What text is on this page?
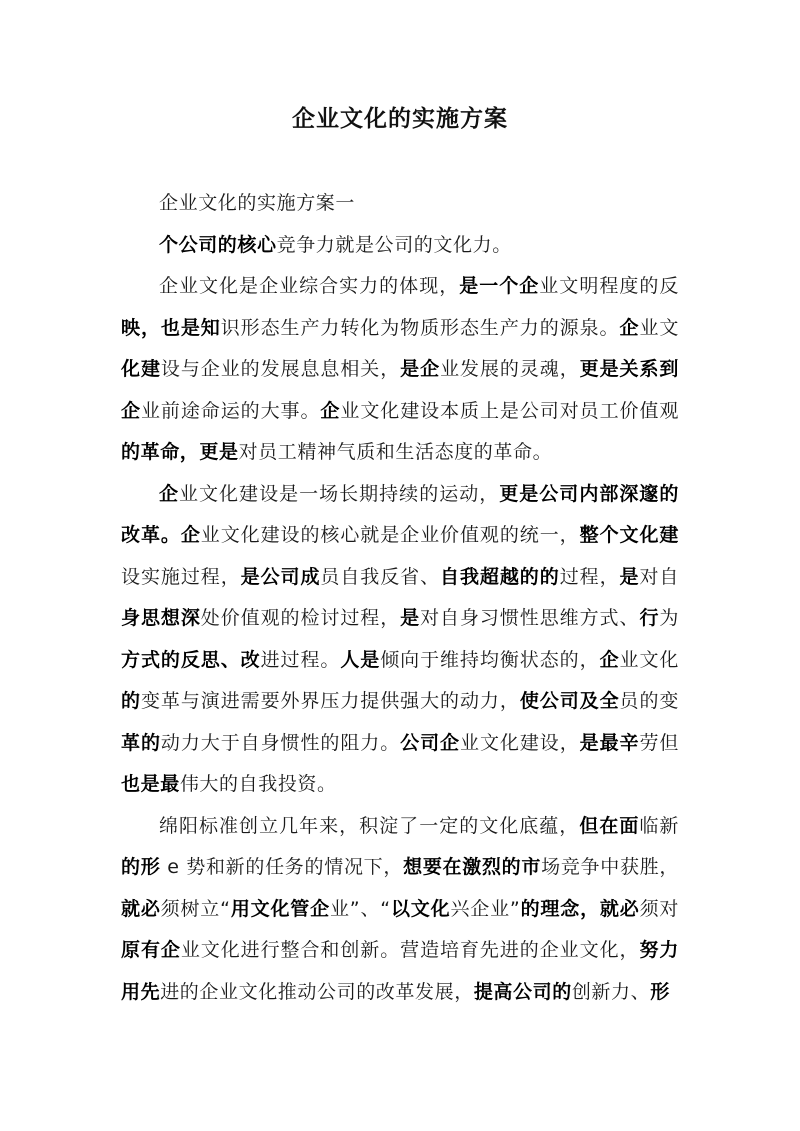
企业文化的实施方案

企业文化的实施方案一

个公司的核心竞争力就是公司的文化力。

企业文化是企业综合实力的体现，是一个企业文明程度的反映，也是知识形态生产力转化为物质形态生产力的源泉。企业文化建设与企业的发展息息相关，是企业发展的灵魂，更是关系到企业前途命运的大事。企业文化建设本质上是公司对员工价值观的革命，更是对员工精神气质和生活态度的革命。

企业文化建设是一场长期持续的运动，更是公司内部深邃的改革。企业文化建设的核心就是企业价值观的统一，整个文化建设实施过程，是公司成员自我反省、自我超越的的过程，是对自身思想深处价值观的检讨过程，是对自身习惯性思维方式、行为方式的反思、改进过程。人是倾向于维持均衡状态的，企业文化的变革与演进需要外界压力提供强大的动力，使公司及全员的变革的动力大于自身惯性的阻力。公司企业文化建设，是最辛劳但也是最伟大的自我投资。

绵阳标准创立几年来，积淀了一定的文化底蕴，但在面临新的形 e 势和新的任务的情况下，想要在激烈的市场竞争中获胜，就必须树立“用文化管企业”、“以文化兴企业”的理念，就必须对原有企业文化进行整合和创新。营造培育先进的企业文化，努力用先进的企业文化推动公司的改革发展，提高公司的创新力、形
